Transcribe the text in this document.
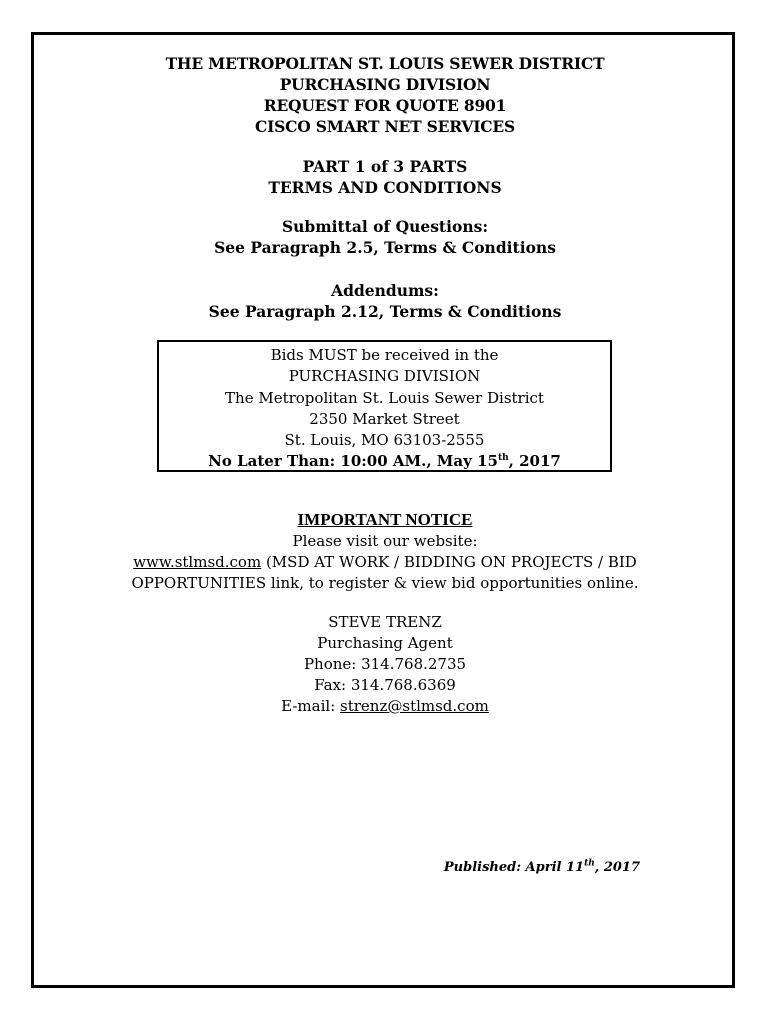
THE METROPOLITAN ST. LOUIS SEWER DISTRICT
PURCHASING DIVISION
REQUEST FOR QUOTE 8901
CISCO SMART NET SERVICES
PART 1 of 3 PARTS
TERMS AND CONDITIONS
Submittal of Questions:
See Paragraph 2.5, Terms & Conditions
Addendums:
See Paragraph 2.12, Terms & Conditions
Bids MUST be received in the
PURCHASING DIVISION
The Metropolitan St. Louis Sewer District
2350 Market Street
St. Louis, MO 63103-2555
No Later Than: 10:00 AM., May 15th, 2017
IMPORTANT NOTICE
Please visit our website:
www.stlmsd.com (MSD AT WORK / BIDDING ON PROJECTS / BID
OPPORTUNITIES link, to register & view bid opportunities online.
STEVE TRENZ
Purchasing Agent
Phone: 314.768.2735
Fax: 314.768.6369
E-mail: strenz@stlmsd.com
Published: April 11th, 2017
